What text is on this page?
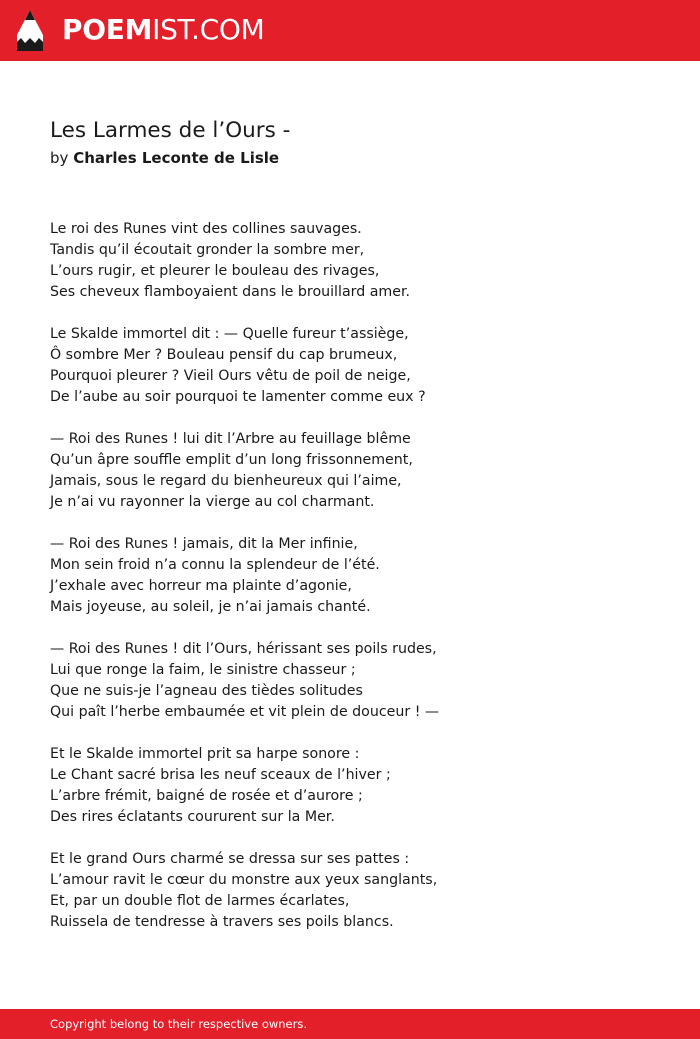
POEMIST.COM
Les Larmes de l’Ours -
by Charles Leconte de Lisle
Le roi des Runes vint des collines sauvages.
Tandis qu’il écoutait gronder la sombre mer,
L’ours rugir, et pleurer le bouleau des rivages,
Ses cheveux flamboyaient dans le brouillard amer.
Le Skalde immortel dit : — Quelle fureur t’assiège,
Ô sombre Mer ? Bouleau pensif du cap brumeux,
Pourquoi pleurer ? Vieil Ours vêtu de poil de neige,
De l’aube au soir pourquoi te lamenter comme eux ?
— Roi des Runes ! lui dit l’Arbre au feuillage blême
Qu’un âpre souffle emplit d’un long frissonnement,
Jamais, sous le regard du bienheureux qui l’aime,
Je n’ai vu rayonner la vierge au col charmant.
— Roi des Runes ! jamais, dit la Mer infinie,
Mon sein froid n’a connu la splendeur de l’été.
J’exhale avec horreur ma plainte d’agonie,
Mais joyeuse, au soleil, je n’ai jamais chanté.
— Roi des Runes ! dit l’Ours, hérissant ses poils rudes,
Lui que ronge la faim, le sinistre chasseur ;
Que ne suis-je l’agneau des tièdes solitudes
Qui paît l’herbe embaumée et vit plein de douceur ! —
Et le Skalde immortel prit sa harpe sonore :
Le Chant sacré brisa les neuf sceaux de l’hiver ;
L’arbre frémit, baigné de rosée et d’aurore ;
Des rires éclatants coururent sur la Mer.
Et le grand Ours charmé se dressa sur ses pattes :
L’amour ravit le cœur du monstre aux yeux sanglants,
Et, par un double flot de larmes écarlates,
Ruissela de tendresse à travers ses poils blancs.
Copyright belong to their respective owners.
